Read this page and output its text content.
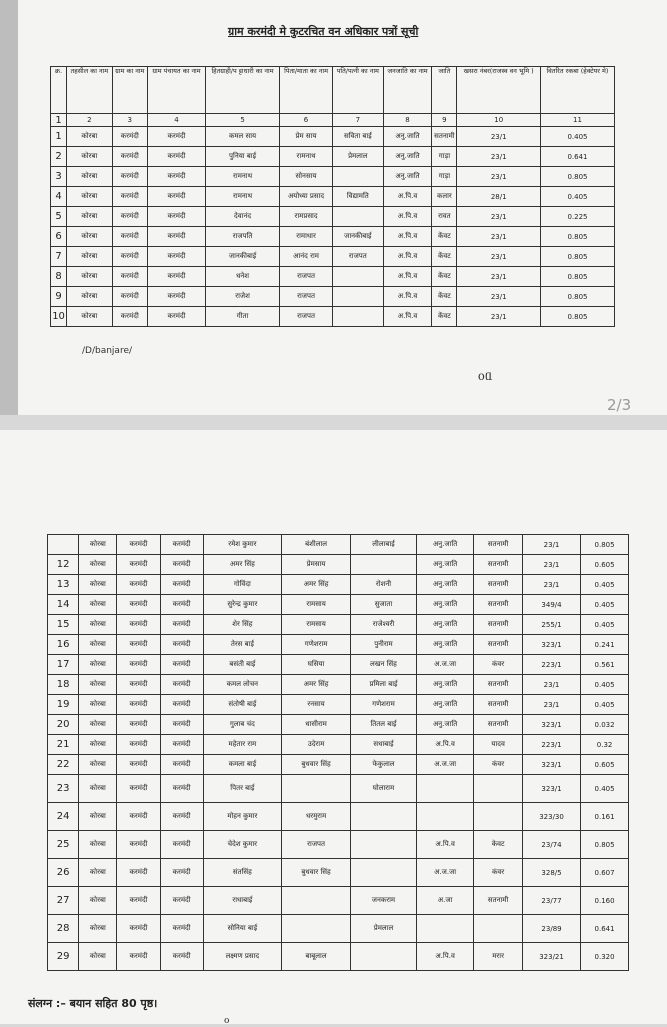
ग्राम करमंदी मे कुटरचित वन अधिकार पत्रों सूची
क्र.	तहसील का नाम	ग्राम का नाम	ग्राम पंचायत का नाम	हितग्राही/प ट्टाधारी का नाम	पिता/माता का नाम	पति/पत्नी का नाम	जनजाति का नाम	जाति	खसरा नंबर(राजस्व वन भूमि )	वितरित रकबा (हेक्टेयर मे)
1	2	3	4	5	6	7	8	9	10	11
1	कोरबा	करमंदी	करमंदी	कमल साय	प्रेम साय	सविता बाई	अनु.जाति	सतनामी	23/1	0.405
2	कोरबा	करमंदी	करमंदी	पुनिया बाई	रामनाथ	प्रेमलाल	अनु.जाति	गाड़ा	23/1	0.641
3	कोरबा	करमंदी	करमंदी	रामनाथ	सोनसाय		अनु.जाति	गाड़ा	23/1	0.805
4	कोरबा	करमंदी	करमंदी	रामनाथ	अयोध्या प्रसाद	विद्यामति	अ.पि.व	कलार	28/1	0.405
5	कोरबा	करमंदी	करमंदी	देवानंद	रामप्रसाद		अ.पि.व	रावत	23/1	0.225
6	कोरबा	करमंदी	करमंदी	राजपति	रामाधार	जानकीबाई	अ.पि.व	केंवट	23/1	0.805
7	कोरबा	करमंदी	करमंदी	जानकीबाई	आनंद राम	राजपत	अ.पि.व	केंवट	23/1	0.805
8	कोरबा	करमंदी	करमंदी	धनेश	राजपत		अ.पि.व	केंवट	23/1	0.805
9	कोरबा	करमंदी	करमंदी	राजेश	राजपत		अ.पि.व	केंवट	23/1	0.805
10	कोरबा	करमंदी	करमंदी	गीता	राजपत		अ.पि.व	केंवट	23/1	0.805
/D/banjare/
ᦞᥲ
2/3
	कोरबा	करमंदी	करमंदी	रमेश कुमार	बंशीलाल	लीलाबाई	अनु.जाति	सतनामी	23/1	0.805
12	कोरबा	करमंदी	करमंदी	अमर सिंह	प्रेमसाय		अनु.जाति	सतनामी	23/1	0.605
13	कोरबा	करमंदी	करमंदी	गोविंदा	अमर सिंह	रोशनी	अनु.जाति	सतनामी	23/1	0.405
14	कोरबा	करमंदी	करमंदी	सुरेन्द्र कुमार	रामसाय	सुजाता	अनु.जाति	सतनामी	349/4	0.405
15	कोरबा	करमंदी	करमंदी	शेर सिंह	रामसाय	राजेश्वरी	अनु.जाति	सतनामी	255/1	0.405
16	कोरबा	करमंदी	करमंदी	तेरस बाई	गणेशराम	पुनीराम	अनु.जाति	सतनामी	323/1	0.241
17	कोरबा	करमंदी	करमंदी	बसंती बाई	घसिया	लखन सिंह	अ.ज.जा	कंवर	223/1	0.561
18	कोरबा	करमंदी	करमंदी	कमल लोचन	अमर सिंह	प्रमिला बाई	अनु.जाति	सतनामी	23/1	0.405
19	कोरबा	करमंदी	करमंदी	संतोषी बाई	रनसाय	गणेशराम	अनु.जाति	सतनामी	23/1	0.405
20	कोरबा	करमंदी	करमंदी	गुलाब चंद	धासीराम	तितल बाई	अनु.जाति	सतनामी	323/1	0.032
21	कोरबा	करमंदी	करमंदी	महेतार राम	उदेराम	सधाबाई	अ.पि.व	यादव	223/1	0.32
22	कोरबा	करमंदी	करमंदी	कमला बाई	बुधवार सिंह	फेकुलाल	अ.ज.जा	कंवर	323/1	0.605
23	कोरबा	करमंदी	करमंदी	पितर बाई		घोलाराम			323/1	0.405
24	कोरबा	करमंदी	करमंदी	मोहन कुमार	धरमुराम				323/30	0.161
25	कोरबा	करमंदी	करमंदी	चेदेश कुमार	राजपत		अ.पि.व	केवट	23/74	0.805
26	कोरबा	करमंदी	करमंदी	संतसिंह	बुधवार सिंह		अ.ज.जा	कंवर	328/5	0.607
27	कोरबा	करमंदी	करमंदी	राधाबाई		जनकराम	अ.जा	सतनामी	23/77	0.160
28	कोरबा	करमंदी	करमंदी	सोनिया बाई		प्रेमलाल			23/89	0.641
29	कोरबा	करमंदी	करमंदी	लक्ष्मण प्रसाद	बाबूलाल		अ.पि.व	मरार	323/21	0.320
संलग्न :– बयान सहित 80 पृष्ठ।
ᦞ
